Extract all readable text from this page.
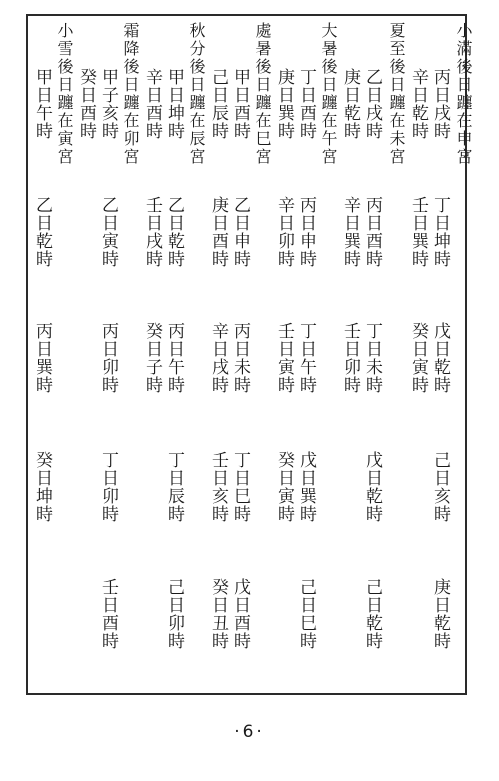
小滿後日躔在申宮
丙日戌時
丁日坤時
戊日乾時
己日亥時
庚日乾時
夏至後日躔在未宮 辛日乾時
壬日巽時
癸日寅時
乙日戌時
丙日酉時
丁日未時
戊日乾時
己日乾時
庚日乾時
辛日巽時
壬日卯時
大暑後日躔在午宮
丁日酉時
丙日申時
丁日午時
戊日巽時
己日巳時
庚日巽時
辛日卯時
壬日寅時
癸日寅時
處暑後日躔在巳宮
甲日酉時
乙日申時
丙日未時
丁日巳時
戊日酉時
己日辰時
庚日酉時
辛日戌時
壬日亥時
癸日丑時
秋分後日躔在辰宮
甲日坤時
乙日乾時
丙日午時
丁日辰時
己日卯時
辛日酉時
壬日戌時
癸日子時
霜降後日躔在卯宮
甲子亥時
乙日寅時
丙日卯時
丁日卯時
壬日酉時
癸日酉時
小雪後日躔在寅宮
甲日午時
乙日乾時
丙日巽時
癸日坤時
·6·
